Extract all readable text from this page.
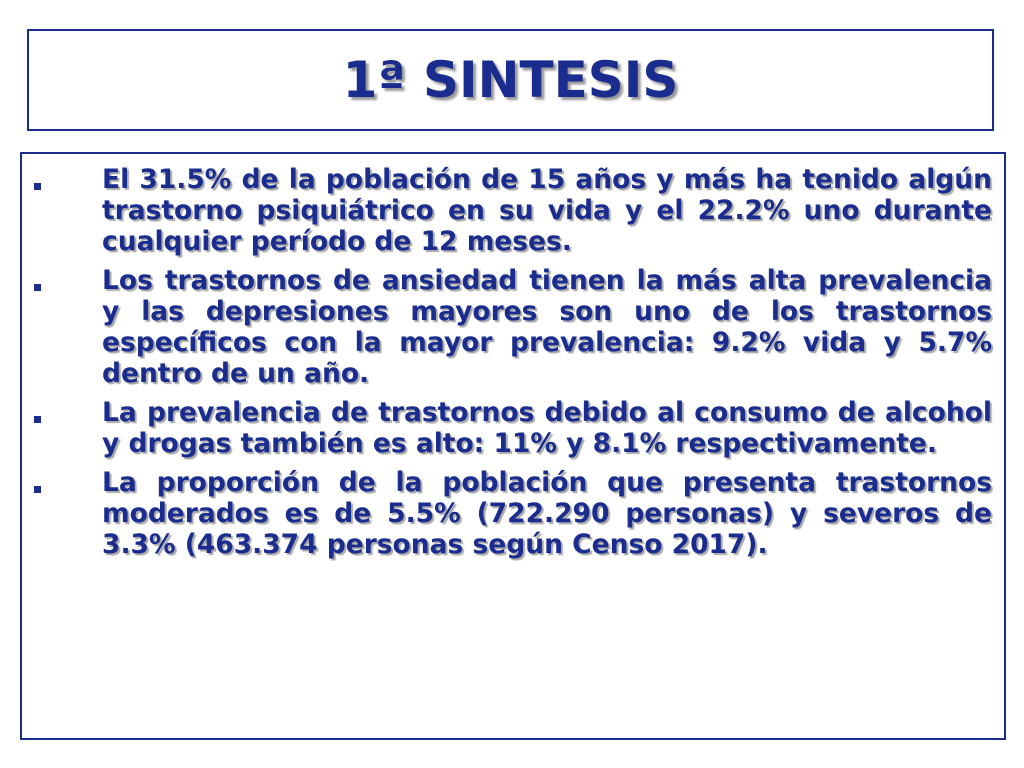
1ª SINTESIS
El 31.5% de la población de 15 años y más ha tenido algún trastorno psiquiátrico en su vida y el 22.2% uno durante cualquier período de 12 meses.
Los trastornos de ansiedad tienen la más alta prevalencia y las depresiones mayores son uno de los trastornos específicos con la mayor prevalencia: 9.2% vida y 5.7% dentro de un año.
La prevalencia de trastornos debido al consumo de alcohol y drogas también es alto: 11% y 8.1% respectivamente.
La proporción de la población que presenta trastornos moderados es de 5.5% (722.290 personas) y severos de 3.3% (463.374 personas según Censo 2017).
